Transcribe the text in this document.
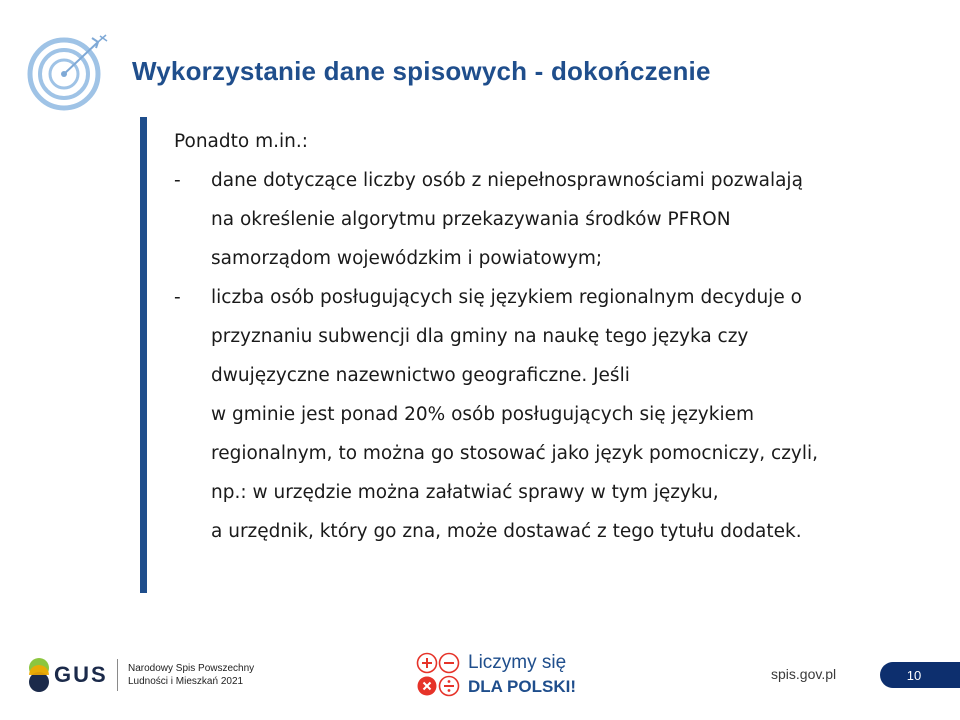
Wykorzystanie dane spisowych - dokończenie

Ponadto m.in.:

- dane dotyczące liczby osób z niepełnosprawnościami pozwalają
na określenie algorytmu przekazywania środków PFRON
samorządom wojewódzkim i powiatowym;
- liczba osób posługujących się językiem regionalnym decyduje o
przyznaniu subwencji dla gminy na naukę tego języka czy
dwujęzyczne nazewnictwo geograficzne. Jeśli
w gminie jest ponad 20% osób posługujących się językiem
regionalnym, to można go stosować jako język pomocniczy, czyli,
np.: w urzędzie można załatwiać sprawy w tym języku,
a urzędnik, który go zna, może dostawać z tego tytułu dodatek.
GUS Narodowy Spis Powszechny
Ludności i Mieszkań 2021
Liczymy się
DLA POLSKI!
spis.gov.pl	10
